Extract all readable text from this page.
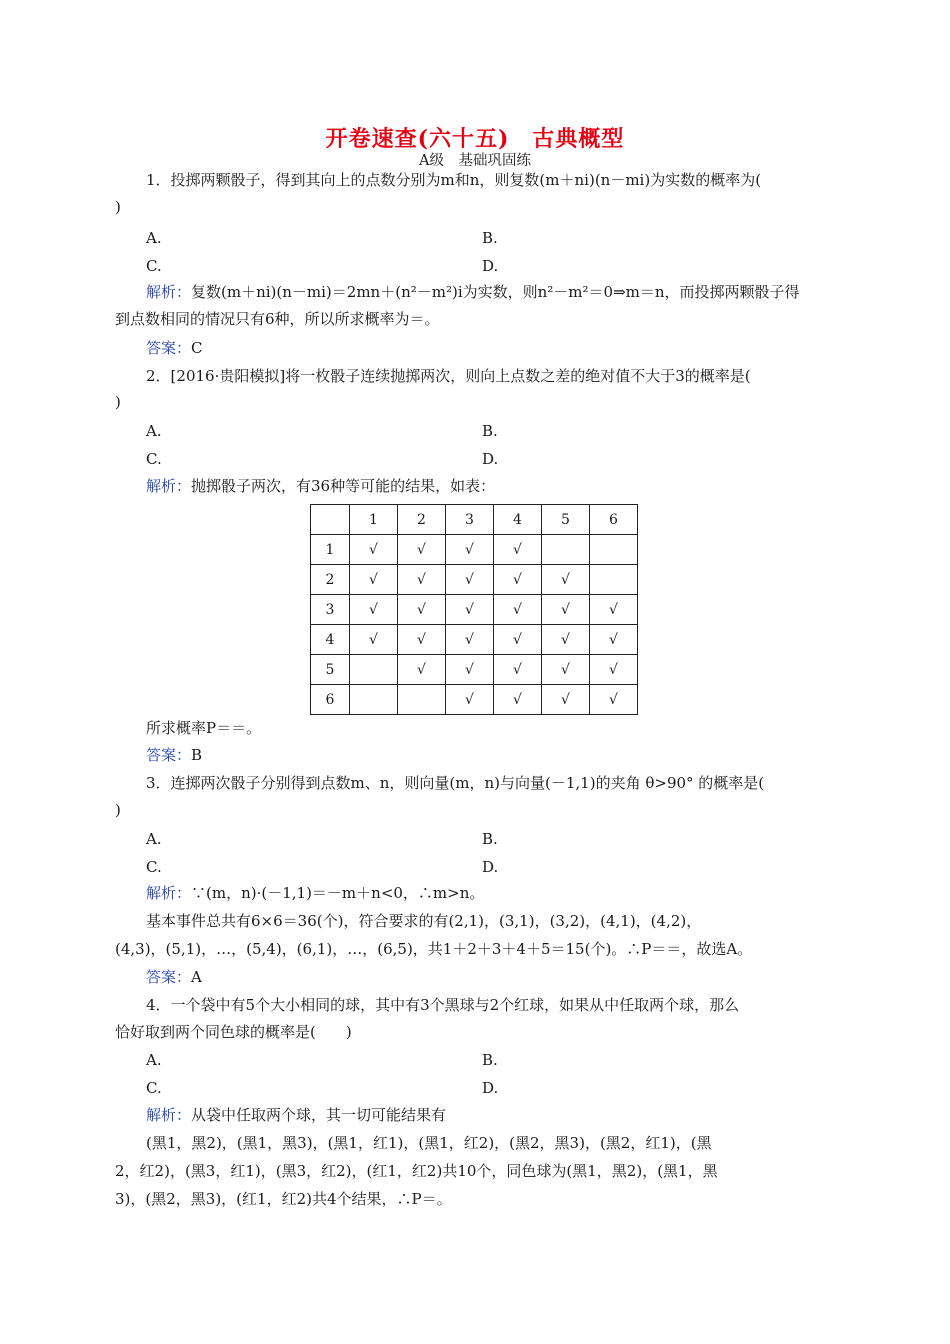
开卷速查(六十五)　古典概型
A级　基础巩固练
1．投掷两颗骰子，得到其向上的点数分别为m和n，则复数(m＋ni)(n－mi)为实数的概率为(
)
A.	B.
C.	D.
解析：复数(m＋ni)(n－mi)＝2mn＋(n²－m²)i为实数，则n²－m²＝0⇒m＝n，而投掷两颗骰子得
到点数相同的情况只有6种，所以所求概率为＝。
答案：C
2．[2016·贵阳模拟]将一枚骰子连续抛掷两次，则向上点数之差的绝对值不大于3的概率是(
)
A.	B.
C.	D.
解析：抛掷骰子两次，有36种等可能的结果，如表：
	1	2	3	4	5	6
1	√	√	√	√		
2	√	√	√	√	√	
3	√	√	√	√	√	√
4	√	√	√	√	√	√
5		√	√	√	√	√
6			√	√	√	√
所求概率P＝＝。
答案：B
3．连掷两次骰子分别得到点数m、n，则向量(m，n)与向量(－1,1)的夹角 θ>90° 的概率是(
)
A.	B.
C.	D.
解析：∵(m，n)·(－1,1)＝－m＋n<0，∴m>n。
基本事件总共有6×6＝36(个)，符合要求的有(2,1)，(3,1)，(3,2)，(4,1)，(4,2)，
(4,3)，(5,1)，…，(5,4)，(6,1)，…，(6,5)，共1＋2＋3＋4＋5＝15(个)。∴P＝＝，故选A。
答案：A
4．一个袋中有5个大小相同的球，其中有3个黑球与2个红球，如果从中任取两个球，那么
恰好取到两个同色球的概率是(　　)
A.	B.
C.	D.
解析：从袋中任取两个球，其一切可能结果有
(黑1，黑2)，(黑1，黑3)，(黑1，红1)，(黑1，红2)，(黑2，黑3)，(黑2，红1)，(黑
2，红2)，(黑3，红1)，(黑3，红2)，(红1，红2)共10个，同色球为(黑1，黑2)，(黑1，黑
3)，(黑2，黑3)，(红1，红2)共4个结果，∴P＝。
